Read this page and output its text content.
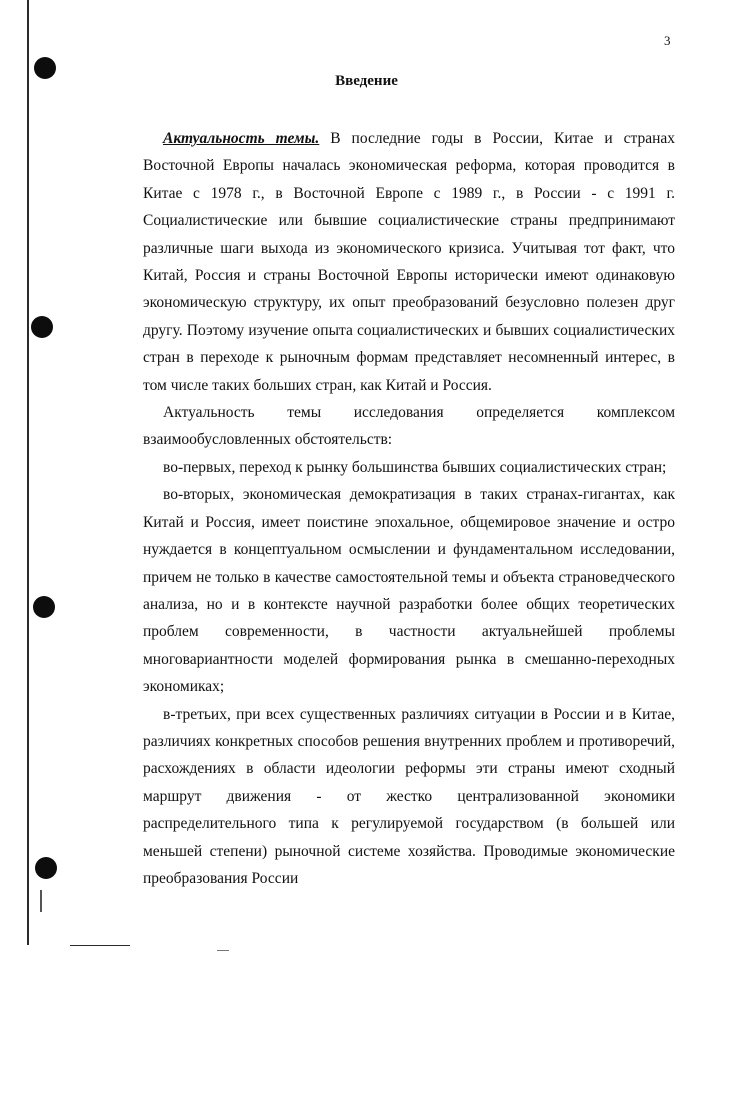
3
Введение

Актуальность темы. В последние годы в России, Китае и странах Восточной Европы началась экономическая реформа, которая проводится в Китае с 1978 г., в Восточной Европе с 1989 г., в России - с 1991 г. Социалистические или бывшие социалистические страны предпринимают различные шаги выхода из экономического кризиса. Учитывая тот факт, что Китай, Россия и страны Восточной Европы исторически имеют одинаковую экономическую структуру, их опыт преобразований безусловно полезен друг другу. Поэтому изучение опыта социалистических и бывших социалистических стран в переходе к рыночным формам представляет несомненный интерес, в том числе таких больших стран, как Китай и Россия.

Актуальность темы исследования определяется комплексом взаимообусловленных обстоятельств:

во-первых, переход к рынку большинства бывших социалистических стран;

во-вторых, экономическая демократизация в таких странах-гигантах, как Китай и Россия, имеет поистине эпохальное, общемировое значение и остро нуждается в концептуальном осмыслении и фундаментальном исследовании, причем не только в качестве самостоятельной темы и объекта страноведческого анализа, но и в контексте научной разработки более общих теоретических проблем современности, в частности актуальнейшей проблемы многовариантности моделей формирования рынка в смешанно-переходных экономиках;

в-третьих, при всех существенных различиях ситуации в России и в Китае, различиях конкретных способов решения внутренних проблем и противоречий, расхождениях в области идеологии реформы эти страны имеют сходный маршрут движения - от жестко централизованной экономики распределительного типа к регулируемой государством (в большей или меньшей степени) рыночной системе хозяйства. Проводимые экономические преобразования России
